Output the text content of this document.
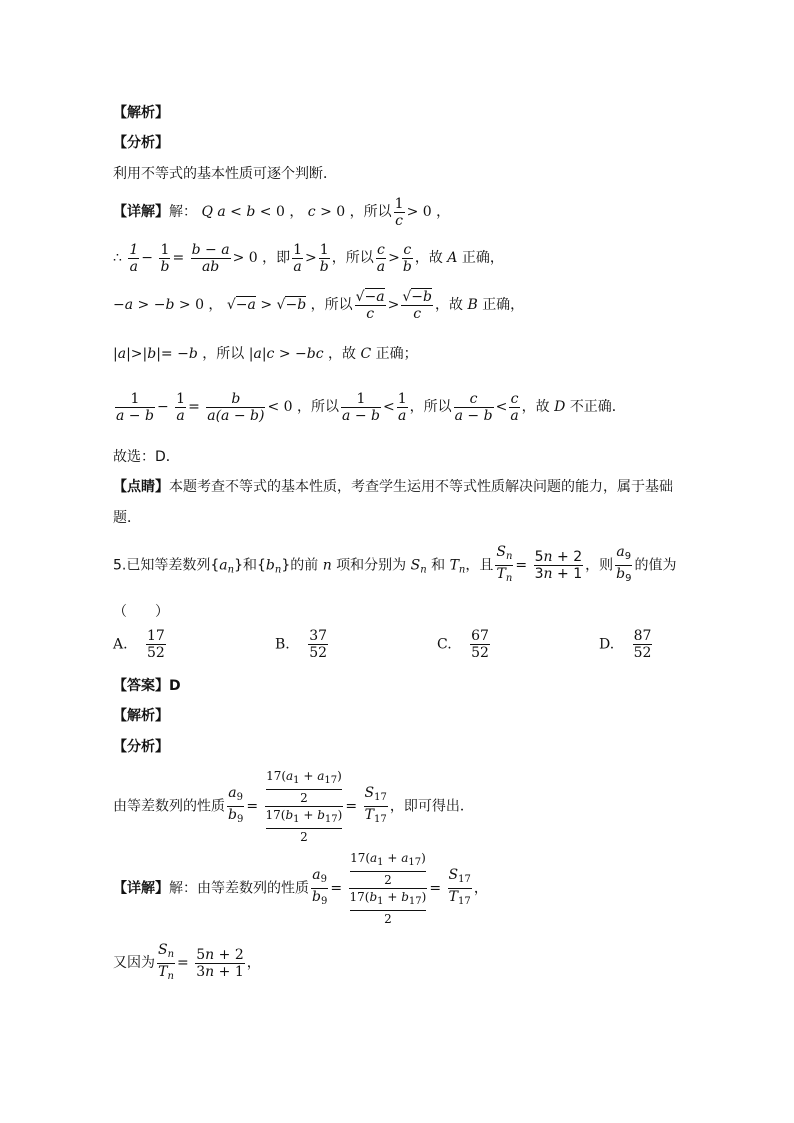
【解析】
【分析】
利用不等式的基本性质可逐个判断．
【详解】解： Q a < b < 0 ， c > 0 ，所以 $\frac{1}{c} > 0$ ，
∴ $\frac{1}{a} - \frac{1}{b} = \frac{b - a}{ab} > 0$ ，即 $\frac{1}{a} > \frac{1}{b}$ ，所以 $\frac{c}{a} > \frac{c}{b}$ ，故 A 正确，
−a > −b > 0 ， √−a > √−b ，所以 $\frac{√-a}{c} > \frac{√-b}{c}$ ，故 B 正确，
|a|>|b|= −b ，所以 |a|c > −bc ，故 C 正确；
$\frac{1}{a - b} - \frac{1}{a} = \frac{b}{a(a - b)} < 0$ ，所以 $\frac{1}{a - b} < \frac{1}{a}$ ，所以 $\frac{c}{a - b} < \frac{c}{a}$ ，故 D 不正确．
故选：D．
【点睛】本题考查不等式的基本性质，考查学生运用不等式性质解决问题的能力，属于基础
题．
5.已知等差数列$\{a_n\}$和$\{b_n\}$的前 n 项和分别为 $S_n$ 和 $T_n$，且 $\frac{S_n}{T_n} = \frac{5n + 2}{3n + 1}$ ，则 $\frac{a_9}{b_9}$ 的值为
（　　）
A. $\frac{17}{52}$	B. $\frac{37}{52}$	C. $\frac{67}{52}$	D. $\frac{87}{52}$
【答案】D
【解析】
【分析】
由等差数列的性质 $\frac{a_9}{b_9} = 17(a_1 + a_{17})$
2
$17(b_1 + b_{17})$
$2 = \frac{S_{17}}{T_{17}}$ ，即可得出．
【详解】解：由等差数列的性质 $\frac{a_9}{b_9} = 17(a_1 + a_{17})$
2
$17(b_1 + b_{17})$
$2 = \frac{S_{17}}{T_{17}}$ ，
又因为 $\frac{S_n}{T_n} = \frac{5n + 2}{3n + 1}$ ，
